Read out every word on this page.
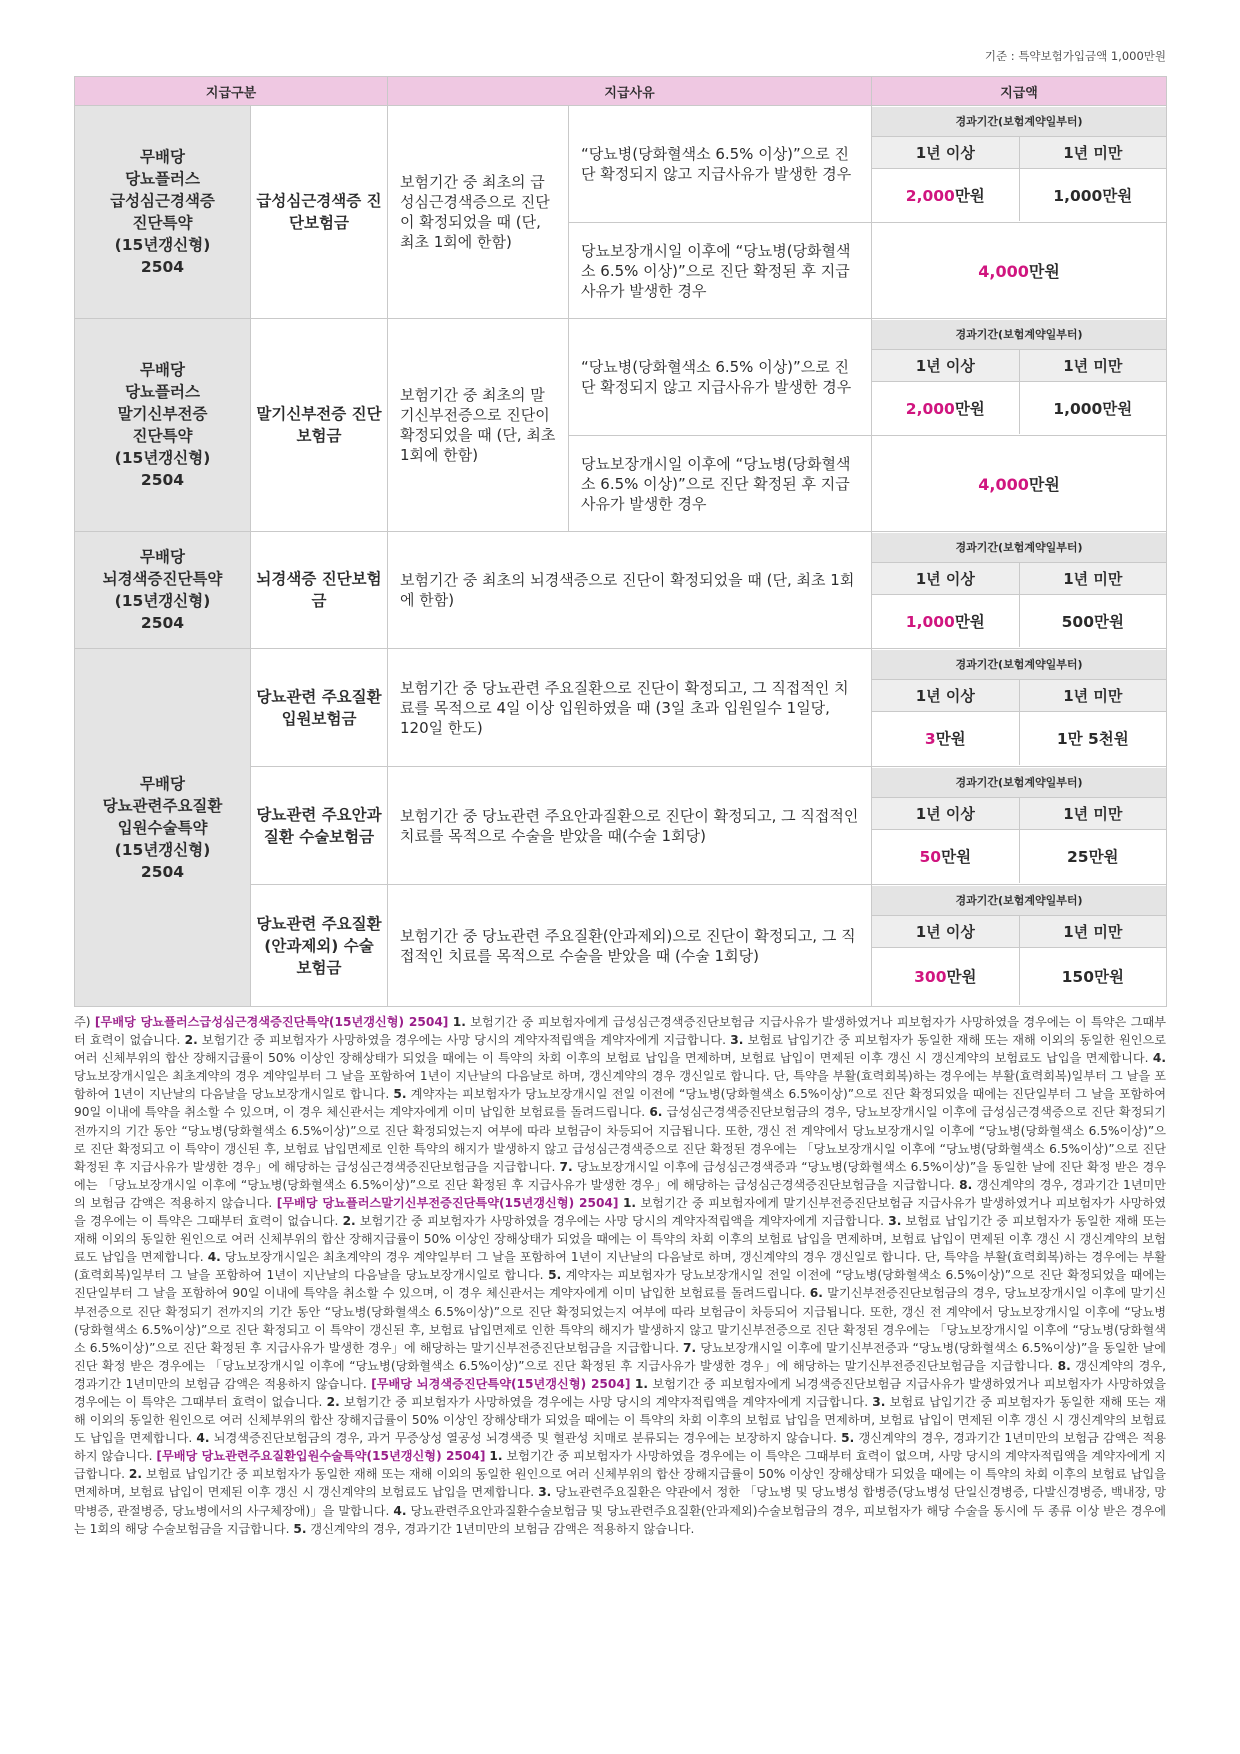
기준 : 특약보험가입금액 1,000만원
지급구분	지급사유	지급액

무배당
당뇨플러스
급성심근경색증
진단특약
(15년갱신형)
2504
	급성심근경색증 진단보험금	보험기간 중 최초의 급성심근경색증으로 진단이 확정되었을 때 (단, 최초 1회에 한함)	“당뇨병(당화혈색소 6.5% 이상)”으로 진단 확정되지 않고 지급사유가 발생한 경우	
경과기간(보험계약일부터)
1년 이상	1년 미만
2,000만원	1,000만원

당뇨보장개시일 이후에 “당뇨병(당화혈색소 6.5% 이상)”으로 진단 확정된 후 지급사유가 발생한 경우	4,000만원

무배당
당뇨플러스
말기신부전증
진단특약
(15년갱신형)
2504
	말기신부전증 진단보험금	보험기간 중 최초의 말기신부전증으로 진단이 확정되었을 때 (단, 최초 1회에 한함)	“당뇨병(당화혈색소 6.5% 이상)”으로 진단 확정되지 않고 지급사유가 발생한 경우	
경과기간(보험계약일부터)
1년 이상	1년 미만
2,000만원	1,000만원

당뇨보장개시일 이후에 “당뇨병(당화혈색소 6.5% 이상)”으로 진단 확정된 후 지급사유가 발생한 경우	4,000만원

무배당
뇌경색증진단특약
(15년갱신형)
2504
	뇌경색증 진단보험금	보험기간 중 최초의 뇌경색증으로 진단이 확정되었을 때 (단, 최초 1회에 한함)	
경과기간(보험계약일부터)
1년 이상	1년 미만
1,000만원	500만원

무배당
당뇨관련주요질환
입원수술특약
(15년갱신형)
2504
	당뇨관련 주요질환 입원보험금	보험기간 중 당뇨관련 주요질환으로 진단이 확정되고, 그 직접적인 치료를 목적으로 4일 이상 입원하였을 때 (3일 초과 입원일수 1일당, 120일 한도)	
경과기간(보험계약일부터)
1년 이상	1년 미만
3만원	1만 5천원

당뇨관련 주요안과질환 수술보험금	보험기간 중 당뇨관련 주요안과질환으로 진단이 확정되고, 그 직접적인 치료를 목적으로 수술을 받았을 때(수술 1회당)	
경과기간(보험계약일부터)
1년 이상	1년 미만
50만원	25만원

당뇨관련 주요질환 (안과제외) 수술 보험금	보험기간 중 당뇨관련 주요질환(안과제외)으로 진단이 확정되고, 그 직접적인 치료를 목적으로 수술을 받았을 때 (수술 1회당)	
경과기간(보험계약일부터)
1년 이상	1년 미만
300만원	150만원
주) [무배당 당뇨플러스급성심근경색증진단특약(15년갱신형) 2504] 1. 보험기간 중 피보험자에게 급성심근경색증진단보험금 지급사유가 발생하였거나 피보험자가 사망하였을 경우에는 이 특약은 그때부터 효력이 없습니다. 2. 보험기간 중 피보험자가 사망하였을 경우에는 사망 당시의 계약자적립액을 계약자에게 지급합니다. 3. 보험료 납입기간 중 피보험자가 동일한 재해 또는 재해 이외의 동일한 원인으로 여러 신체부위의 합산 장해지급률이 50% 이상인 장해상태가 되었을 때에는 이 특약의 차회 이후의 보험료 납입을 면제하며, 보험료 납입이 면제된 이후 갱신 시 갱신계약의 보험료도 납입을 면제합니다. 4. 당뇨보장개시일은 최초계약의 경우 계약일부터 그 날을 포함하여 1년이 지난날의 다음날로 하며, 갱신계약의 경우 갱신일로 합니다. 단, 특약을 부활(효력회복)하는 경우에는 부활(효력회복)일부터 그 날을 포함하여 1년이 지난날의 다음날을 당뇨보장개시일로 합니다. 5. 계약자는 피보험자가 당뇨보장개시일 전일 이전에 “당뇨병(당화혈색소 6.5%이상)”으로 진단 확정되었을 때에는 진단일부터 그 날을 포함하여 90일 이내에 특약을 취소할 수 있으며, 이 경우 체신관서는 계약자에게 이미 납입한 보험료를 돌려드립니다. 6. 급성심근경색증진단보험금의 경우, 당뇨보장개시일 이후에 급성심근경색증으로 진단 확정되기 전까지의 기간 동안 “당뇨병(당화혈색소 6.5%이상)”으로 진단 확정되었는지 여부에 따라 보험금이 차등되어 지급됩니다. 또한, 갱신 전 계약에서 당뇨보장개시일 이후에 “당뇨병(당화혈색소 6.5%이상)”으로 진단 확정되고 이 특약이 갱신된 후, 보험료 납입면제로 인한 특약의 해지가 발생하지 않고 급성심근경색증으로 진단 확정된 경우에는 「당뇨보장개시일 이후에 “당뇨병(당화혈색소 6.5%이상)”으로 진단 확정된 후 지급사유가 발생한 경우」에 해당하는 급성심근경색증진단보험금을 지급합니다. 7. 당뇨보장개시일 이후에 급성심근경색증과 “당뇨병(당화혈색소 6.5%이상)”을 동일한 날에 진단 확정 받은 경우에는 「당뇨보장개시일 이후에 “당뇨병(당화혈색소 6.5%이상)”으로 진단 확정된 후 지급사유가 발생한 경우」에 해당하는 급성심근경색증진단보험금을 지급합니다. 8. 갱신계약의 경우, 경과기간 1년미만의 보험금 감액은 적용하지 않습니다. [무배당 당뇨플러스말기신부전증진단특약(15년갱신형) 2504] 1. 보험기간 중 피보험자에게 말기신부전증진단보험금 지급사유가 발생하였거나 피보험자가 사망하였을 경우에는 이 특약은 그때부터 효력이 없습니다. 2. 보험기간 중 피보험자가 사망하였을 경우에는 사망 당시의 계약자적립액을 계약자에게 지급합니다. 3. 보험료 납입기간 중 피보험자가 동일한 재해 또는 재해 이외의 동일한 원인으로 여러 신체부위의 합산 장해지급률이 50% 이상인 장해상태가 되었을 때에는 이 특약의 차회 이후의 보험료 납입을 면제하며, 보험료 납입이 면제된 이후 갱신 시 갱신계약의 보험료도 납입을 면제합니다. 4. 당뇨보장개시일은 최초계약의 경우 계약일부터 그 날을 포함하여 1년이 지난날의 다음날로 하며, 갱신계약의 경우 갱신일로 합니다. 단, 특약을 부활(효력회복)하는 경우에는 부활(효력회복)일부터 그 날을 포함하여 1년이 지난날의 다음날을 당뇨보장개시일로 합니다. 5. 계약자는 피보험자가 당뇨보장개시일 전일 이전에 “당뇨병(당화혈색소 6.5%이상)”으로 진단 확정되었을 때에는 진단일부터 그 날을 포함하여 90일 이내에 특약을 취소할 수 있으며, 이 경우 체신관서는 계약자에게 이미 납입한 보험료를 돌려드립니다. 6. 말기신부전증진단보험금의 경우, 당뇨보장개시일 이후에 말기신부전증으로 진단 확정되기 전까지의 기간 동안 “당뇨병(당화혈색소 6.5%이상)”으로 진단 확정되었는지 여부에 따라 보험금이 차등되어 지급됩니다. 또한, 갱신 전 계약에서 당뇨보장개시일 이후에 “당뇨병(당화혈색소 6.5%이상)”으로 진단 확정되고 이 특약이 갱신된 후, 보험료 납입면제로 인한 특약의 해지가 발생하지 않고 말기신부전증으로 진단 확정된 경우에는 「당뇨보장개시일 이후에 “당뇨병(당화혈색소 6.5%이상)”으로 진단 확정된 후 지급사유가 발생한 경우」에 해당하는 말기신부전증진단보험금을 지급합니다. 7. 당뇨보장개시일 이후에 말기신부전증과 “당뇨병(당화혈색소 6.5%이상)”을 동일한 날에 진단 확정 받은 경우에는 「당뇨보장개시일 이후에 “당뇨병(당화혈색소 6.5%이상)”으로 진단 확정된 후 지급사유가 발생한 경우」에 해당하는 말기신부전증진단보험금을 지급합니다. 8. 갱신계약의 경우, 경과기간 1년미만의 보험금 감액은 적용하지 않습니다. [무배당 뇌경색증진단특약(15년갱신형) 2504] 1. 보험기간 중 피보험자에게 뇌경색증진단보험금 지급사유가 발생하였거나 피보험자가 사망하였을 경우에는 이 특약은 그때부터 효력이 없습니다. 2. 보험기간 중 피보험자가 사망하였을 경우에는 사망 당시의 계약자적립액을 계약자에게 지급합니다. 3. 보험료 납입기간 중 피보험자가 동일한 재해 또는 재해 이외의 동일한 원인으로 여러 신체부위의 합산 장해지급률이 50% 이상인 장해상태가 되었을 때에는 이 특약의 차회 이후의 보험료 납입을 면제하며, 보험료 납입이 면제된 이후 갱신 시 갱신계약의 보험료도 납입을 면제합니다. 4. 뇌경색증진단보험금의 경우, 과거 무증상성 열공성 뇌경색증 및 혈관성 치매로 분류되는 경우에는 보장하지 않습니다. 5. 갱신계약의 경우, 경과기간 1년미만의 보험금 감액은 적용하지 않습니다. [무배당 당뇨관련주요질환입원수술특약(15년갱신형) 2504] 1. 보험기간 중 피보험자가 사망하였을 경우에는 이 특약은 그때부터 효력이 없으며, 사망 당시의 계약자적립액을 계약자에게 지급합니다. 2. 보험료 납입기간 중 피보험자가 동일한 재해 또는 재해 이외의 동일한 원인으로 여러 신체부위의 합산 장해지급률이 50% 이상인 장해상태가 되었을 때에는 이 특약의 차회 이후의 보험료 납입을 면제하며, 보험료 납입이 면제된 이후 갱신 시 갱신계약의 보험료도 납입을 면제합니다. 3. 당뇨관련주요질환은 약관에서 정한 「당뇨병 및 당뇨병성 합병증(당뇨병성 단일신경병증, 다발신경병증, 백내장, 망막병증, 관절병증, 당뇨병에서의 사구체장애)」을 말합니다. 4. 당뇨관련주요안과질환수술보험금 및 당뇨관련주요질환(안과제외)수술보험금의 경우, 피보험자가 해당 수술을 동시에 두 종류 이상 받은 경우에는 1회의 해당 수술보험금을 지급합니다. 5. 갱신계약의 경우, 경과기간 1년미만의 보험금 감액은 적용하지 않습니다.
